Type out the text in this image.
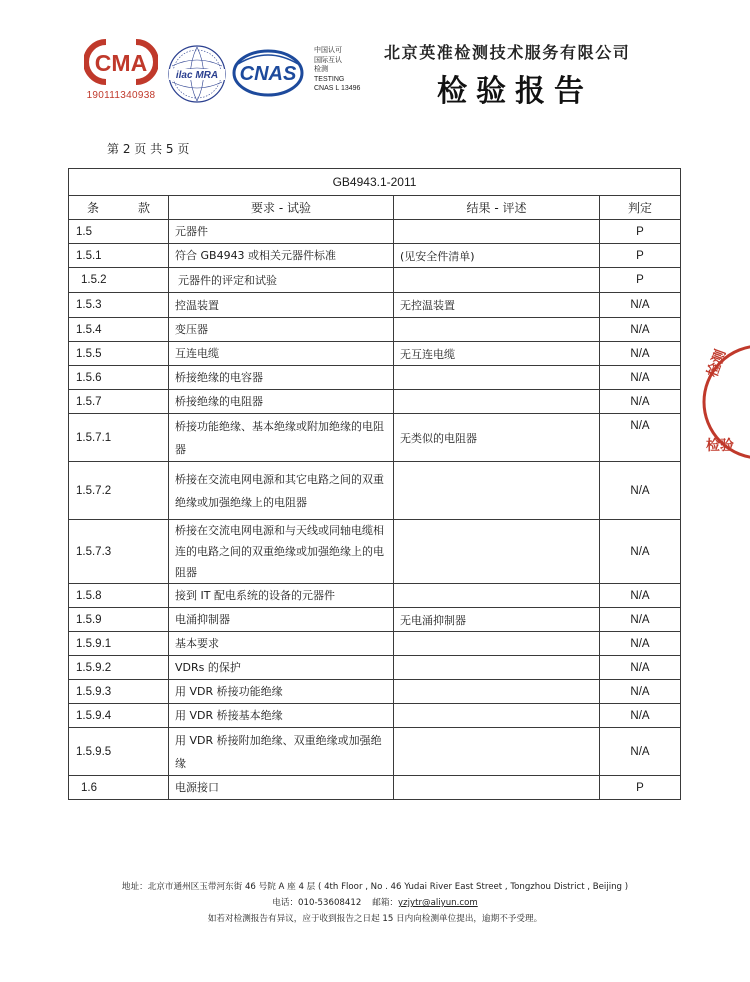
CMA
190111340938
ilac MRA CNAS
中国认可
国际互认
检测
TESTING
CNAS L 13496
北京英准检测技术服务有限公司
检验报告
第 2 页 共 5 页
GB4943.1-2011			
条 款	要求 - 试验	结果 - 评述	判定
1.5	元器件		P
1.5.1	符合 GB4943 或相关元器件标准	(见安全件清单)	P
1.5.2	元器件的评定和试验		P
1.5.3	控温装置	无控温装置	N/A
1.5.4	变压器		N/A
1.5.5	互连电缆	无互连电缆	N/A
1.5.6	桥接绝缘的电容器		N/A
1.5.7	桥接绝缘的电阻器		N/A
1.5.7.1	桥接功能绝缘、基本绝缘或附加绝缘的电阻器	无类似的电阻器	N/A
1.5.7.2	桥接在交流电网电源和其它电路之间的双重绝缘或加强绝缘上的电阻器		N/A
1.5.7.3	桥接在交流电网电源和与天线或同轴电缆相连的电路之间的双重绝缘或加强绝缘上的电阻器		N/A
1.5.8	接到 IT 配电系统的设备的元器件		N/A
1.5.9	电涌抑制器	无电涌抑制器	N/A
1.5.9.1	基本要求		N/A
1.5.9.2	VDRs 的保护		N/A
1.5.9.3	用 VDR 桥接功能绝缘		N/A
1.5.9.4	用 VDR 桥接基本绝缘		N/A
1.5.9.5	用 VDR 桥接附加绝缘、双重绝缘或加强绝缘		N/A
1.6	电源接口		P
检测
检验
地址：北京市通州区玉带河东街 46 号院 A 座 4 层 ( 4th Floor , No . 46 Yudai River East Street , Tongzhou District , Beijing )
电话：010-53608412 邮箱：yzjytr@aliyun.com
如若对检测报告有异议，应于收到报告之日起 15 日内向检测单位提出，逾期不予受理。
